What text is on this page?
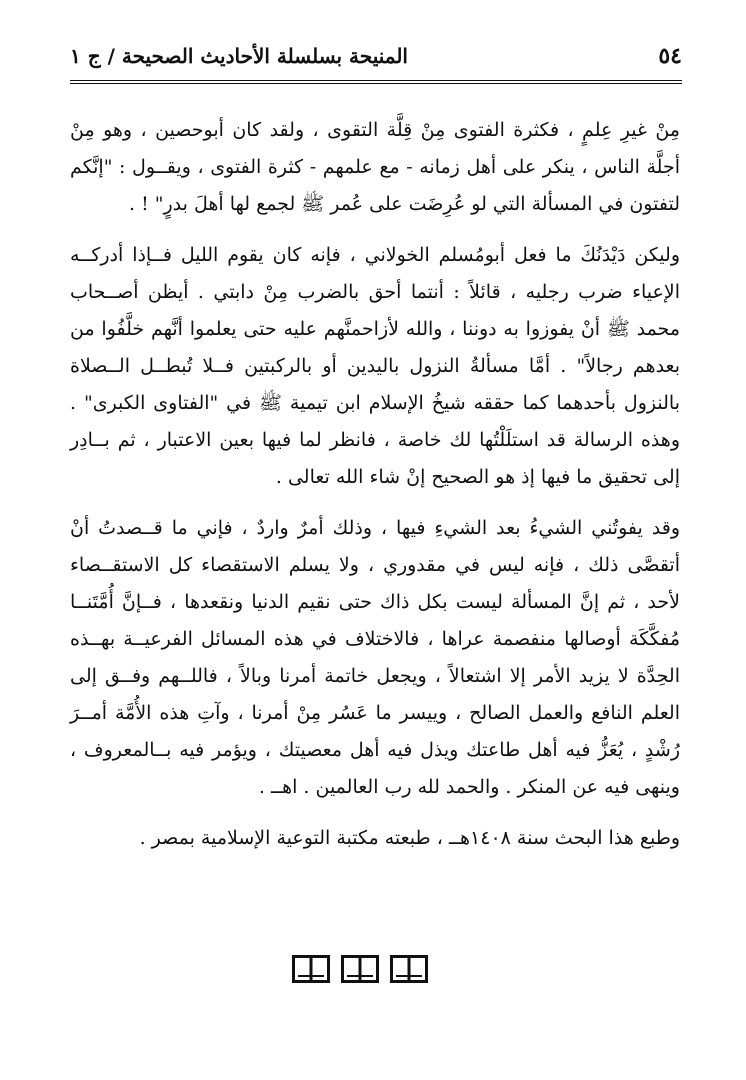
٥٤
المنيحة بسلسلة الأحاديث الصحيحة / ج ١

مِنْ غيرِ عِلمٍ ، فكثرة الفتوى مِنْ قِلَّة التقوى ، ولقد كان أبوحصين ، وهو مِنْ أجلَّة الناس ، ينكر على أهل زمانه - مع علمهم - كثرة الفتوى ، ويقــول : "إنَّكم لتفتون في المسألة التي لو عُرِضَت على عُمر ﷺ لجمع لها أهلَ بدرٍ" ! .

وليكن دَيْدَنُكَ ما فعل أبومُسلم الخولاني ، فإنه كان يقوم الليل فــإذا أدركــه الإعياء ضرب رجليه ، قائلاً : أنتما أحق بالضرب مِنْ دابتي . أيظن أصــحاب محمد ﷺ أنْ يفوزوا به دوننا ، والله لأزاحمنَّهم عليه حتى يعلموا أنَّهم خلَّفُوا من بعدهم رجالاً" . أمَّا مسألةُ النزول باليدين أو بالركبتين فــلا تُبطــل الــصلاة بالنزول بأحدهما كما حققه شيخُ الإسلام ابن تيمية ﷺ في "الفتاوى الكبرى" . وهذه الرسالة قد استلَلْتُها لك خاصة ، فانظر لما فيها بعين الاعتبار ، ثم بــادِر إلى تحقيق ما فيها إذ هو الصحيح إنْ شاء الله تعالى .

وقد يفوتُني الشيءُ بعد الشيءِ فيها ، وذلك أمرٌ واردٌ ، فإني ما قــصدتُ أنْ أتقصَّى ذلك ، فإنه ليس في مقدوري ، ولا يسلم الاستقصاء كل الاستقــصاء لأحد ، ثم إنَّ المسألة ليست بكل ذاك حتى نقيم الدنيا ونقعدها ، فــإنَّ أُمَّتَنــا مُفكَّكَة أوصالها منفصمة عراها ، فالاختلاف في هذه المسائل الفرعيــة بهــذه الحِدَّة لا يزيد الأمر إلا اشتعالاً ، ويجعل خاتمة أمرنا وبالاً ، فاللــهم وفــق إلى العلم النافع والعمل الصالح ، وييسر ما عَسُر مِنْ أمرنا ، وآتِ هذه الأُمَّة أمــرَ رُشْدٍ ، يُعَزُّ فيه أهل طاعتك ويذل فيه أهل معصيتك ، ويؤمر فيه بــالمعروف ، وينهى فيه عن المنكر . والحمد لله رب العالمين . اهــ .

وطبع هذا البحث سنة ١٤٠٨هــ ، طبعته مكتبة التوعية الإسلامية بمصر .
